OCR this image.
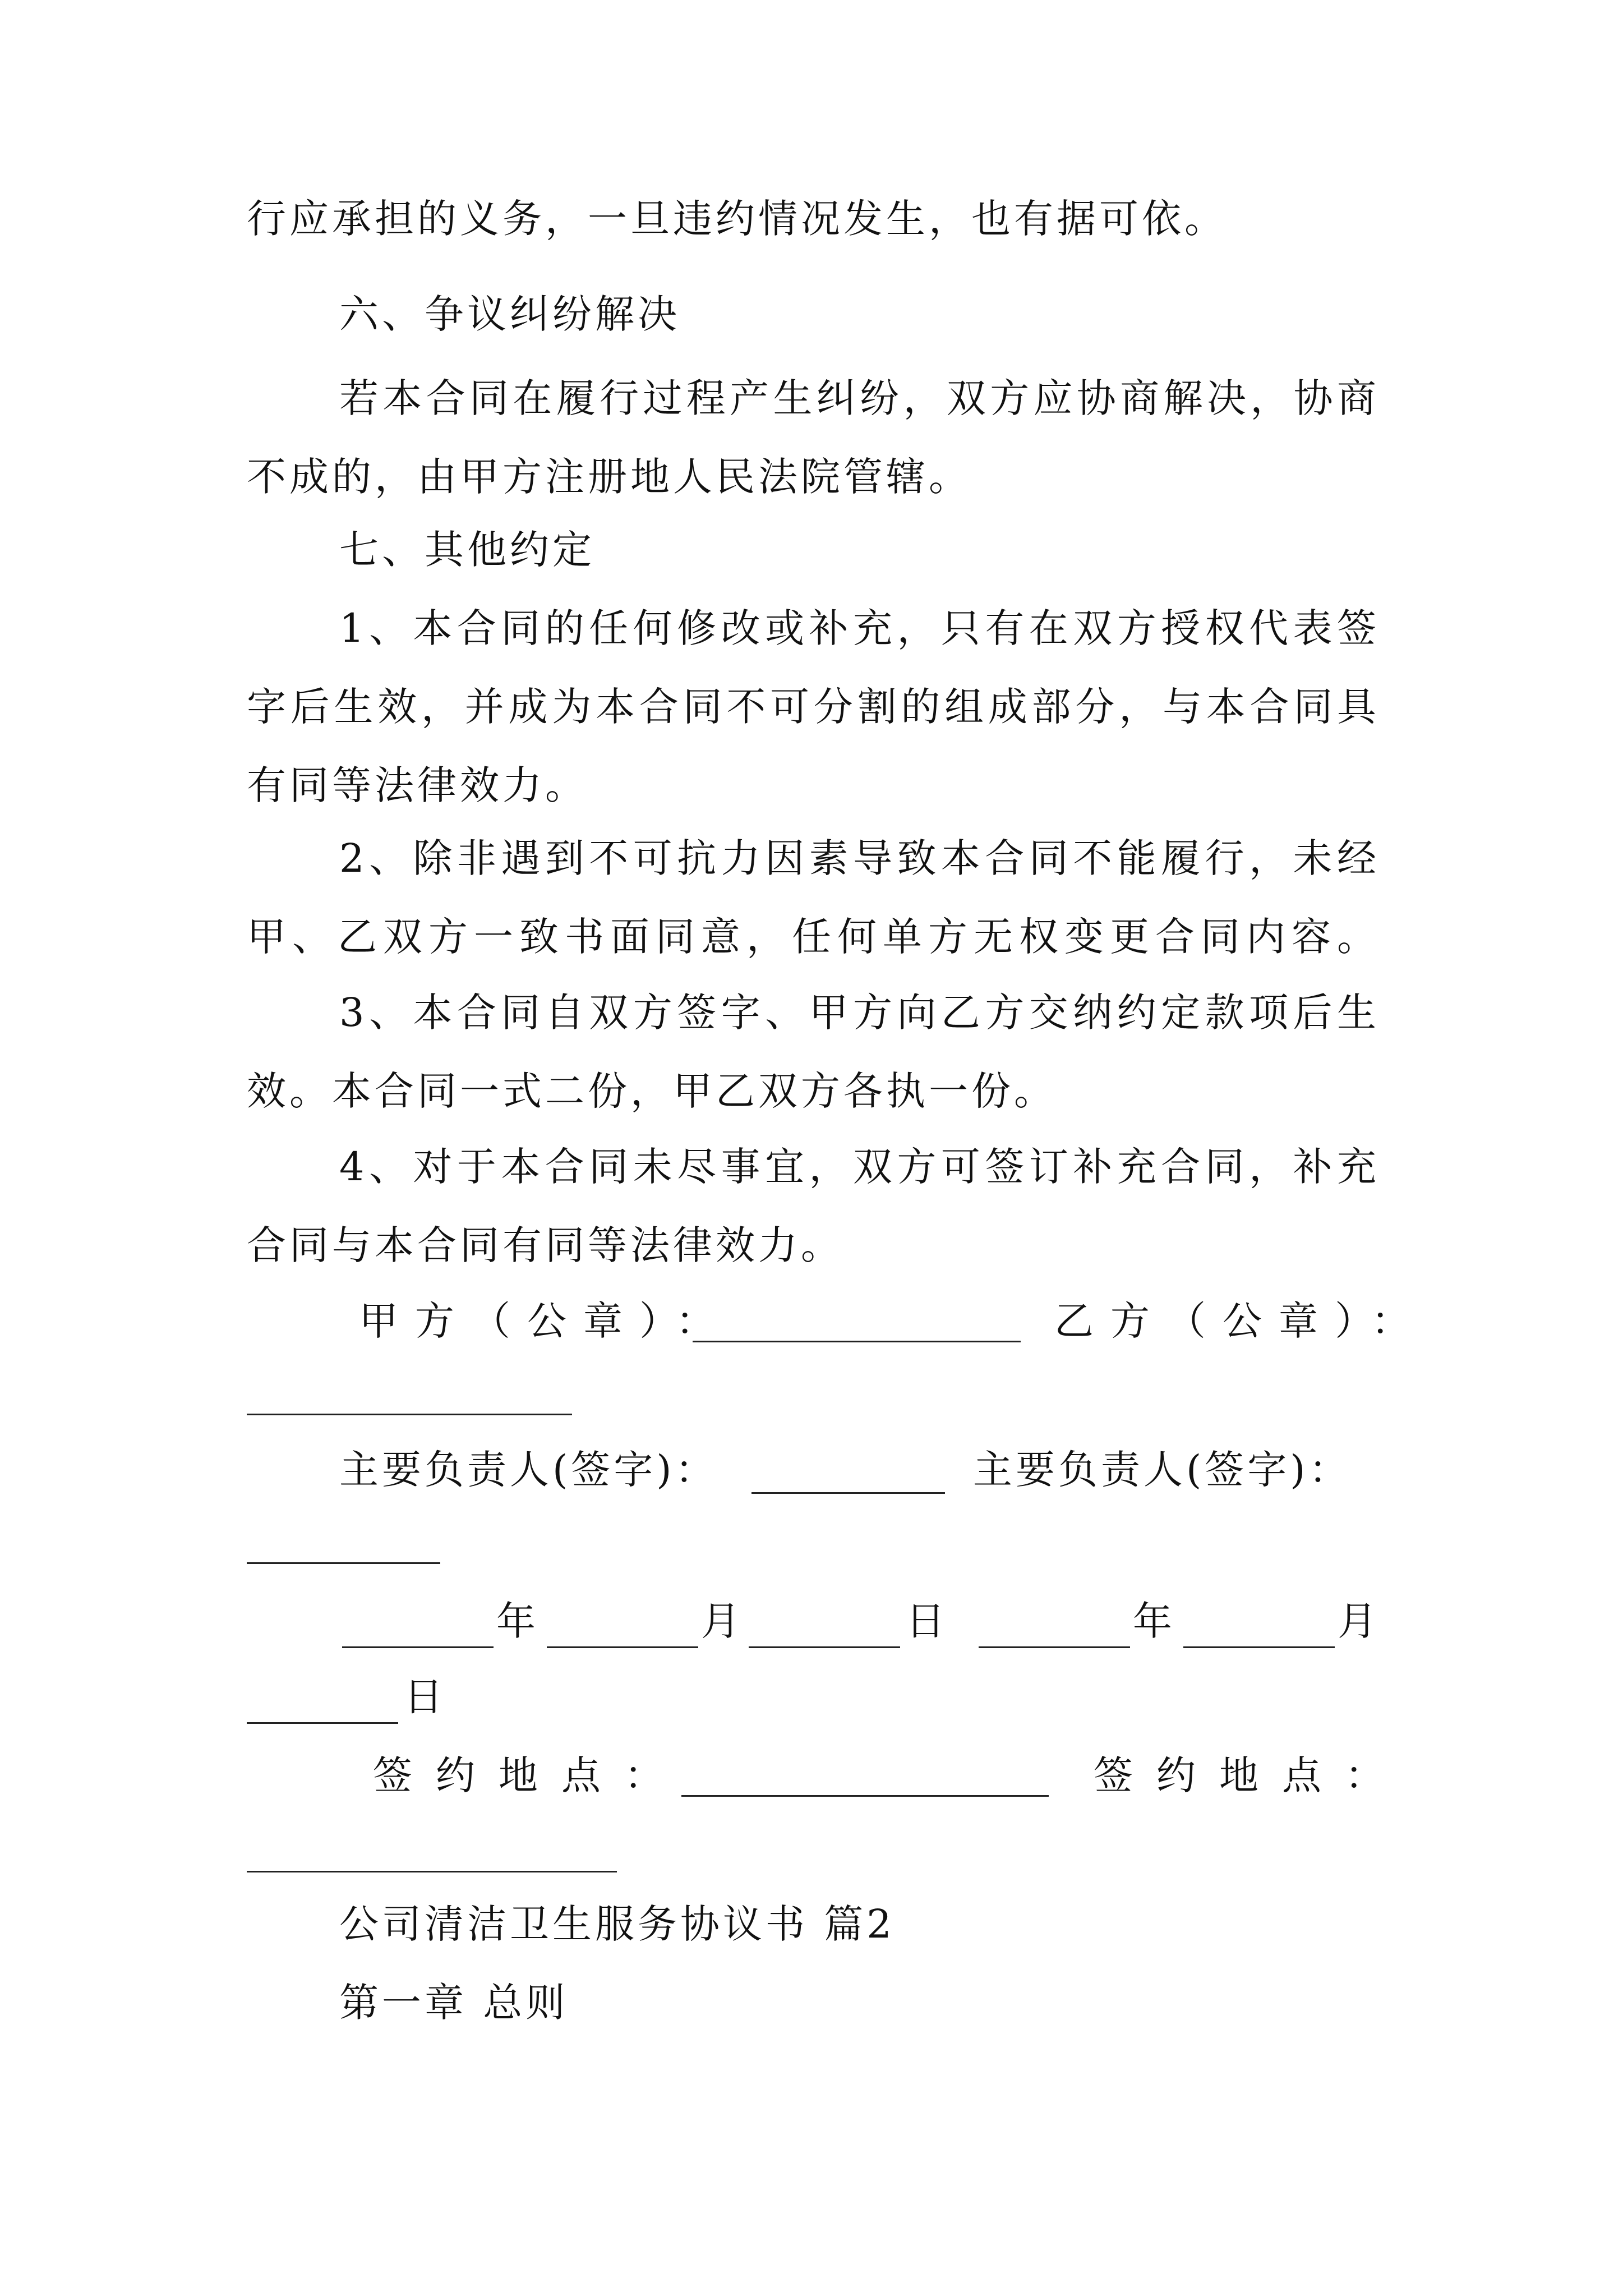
行应承担的义务，一旦违约情况发生，也有据可依。
六、争议纠纷解决
若本合同在履行过程产生纠纷，双方应协商解决，协商
不成的，由甲方注册地人民法院管辖。
七、其他约定
1、本合同的任何修改或补充，只有在双方授权代表签
字后生效，并成为本合同不可分割的组成部分，与本合同具
有同等法律效力。
2、除非遇到不可抗力因素导致本合同不能履行，未经
甲、乙双方一致书面同意，任何单方无权变更合同内容。
3、本合同自双方签字、甲方向乙方交纳约定款项后生
效。本合同一式二份，甲乙双方各执一份。
4、对于本合同未尽事宜，双方可签订补充合同，补充
合同与本合同有同等法律效力。
甲方（公章）：	乙方（公章）：
主要负责人(签字)：	主要负责人(签字)：
年	月	日	年	月
日
签约地点：	签约地点：
公司清洁卫生服务协议书 篇2
第一章 总则
